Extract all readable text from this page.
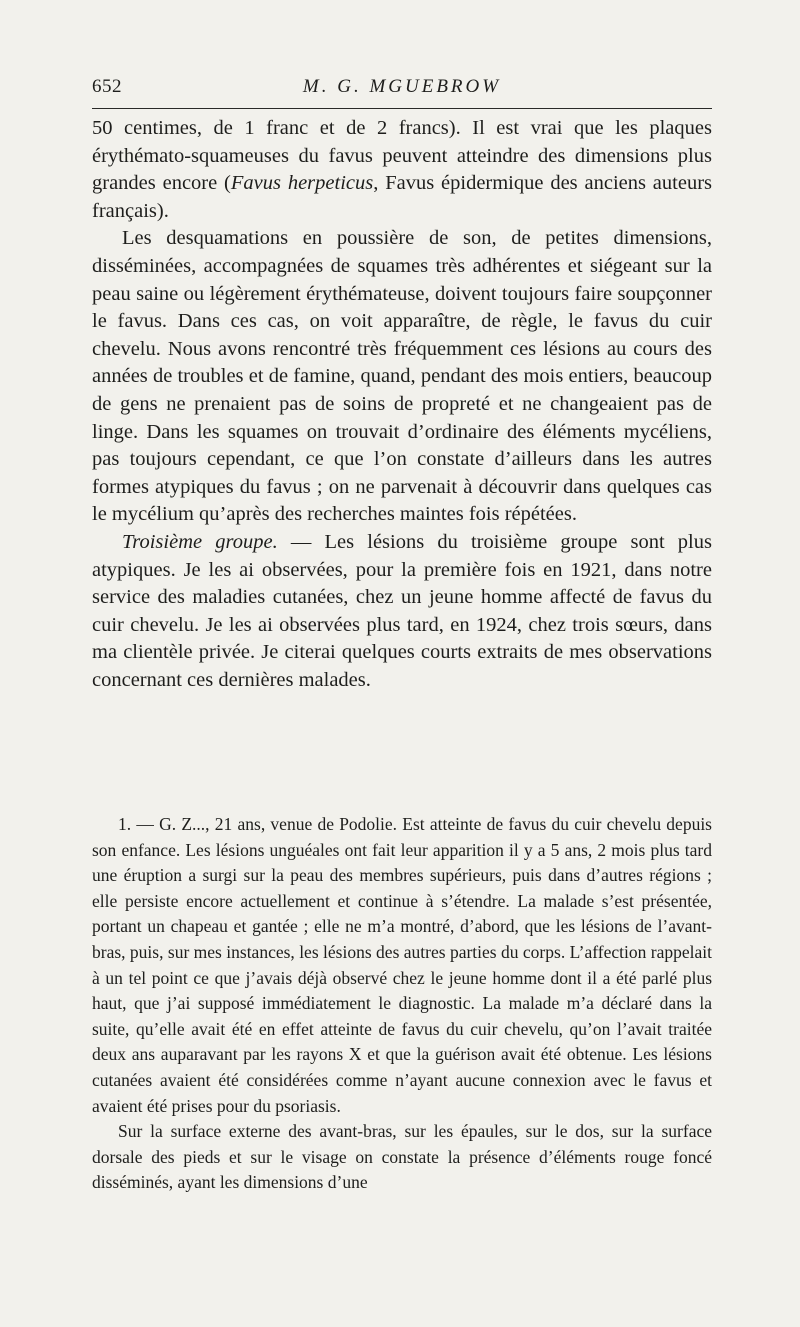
652	M. G. MGUEBROW

50 centimes, de 1 franc et de 2 francs). Il est vrai que les plaques érythémato-squameuses du favus peuvent atteindre des dimensions plus grandes encore (Favus herpeticus, Favus épidermique des anciens auteurs français).

Les desquamations en poussière de son, de petites dimensions, disséminées, accompagnées de squames très adhérentes et siégeant sur la peau saine ou légèrement érythémateuse, doivent toujours faire soupçonner le favus. Dans ces cas, on voit apparaître, de règle, le favus du cuir chevelu. Nous avons rencontré très fréquemment ces lésions au cours des années de troubles et de famine, quand, pendant des mois entiers, beaucoup de gens ne prenaient pas de soins de propreté et ne changeaient pas de linge. Dans les squames on trouvait d’ordinaire des éléments mycéliens, pas toujours cependant, ce que l’on constate d’ailleurs dans les autres formes atypiques du favus ; on ne parvenait à découvrir dans quelques cas le mycélium qu’après des recherches maintes fois répétées.

Troisième groupe. — Les lésions du troisième groupe sont plus atypiques. Je les ai observées, pour la première fois en 1921, dans notre service des maladies cutanées, chez un jeune homme affecté de favus du cuir chevelu. Je les ai observées plus tard, en 1924, chez trois sœurs, dans ma clientèle privée. Je citerai quelques courts extraits de mes observations concernant ces dernières malades.

1. — G. Z..., 21 ans, venue de Podolie. Est atteinte de favus du cuir chevelu depuis son enfance. Les lésions unguéales ont fait leur apparition il y a 5 ans, 2 mois plus tard une éruption a surgi sur la peau des membres supérieurs, puis dans d’autres régions ; elle persiste encore actuellement et continue à s’étendre. La malade s’est présentée, portant un chapeau et gantée ; elle ne m’a montré, d’abord, que les lésions de l’avant-bras, puis, sur mes instances, les lésions des autres parties du corps. L’affection rappelait à un tel point ce que j’avais déjà observé chez le jeune homme dont il a été parlé plus haut, que j’ai supposé immédiatement le diagnostic. La malade m’a déclaré dans la suite, qu’elle avait été en effet atteinte de favus du cuir chevelu, qu’on l’avait traitée deux ans auparavant par les rayons X et que la guérison avait été obtenue. Les lésions cutanées avaient été considérées comme n’ayant aucune connexion avec le favus et avaient été prises pour du psoriasis.

Sur la surface externe des avant-bras, sur les épaules, sur le dos, sur la surface dorsale des pieds et sur le visage on constate la présence d’éléments rouge foncé disséminés, ayant les dimensions d’une
